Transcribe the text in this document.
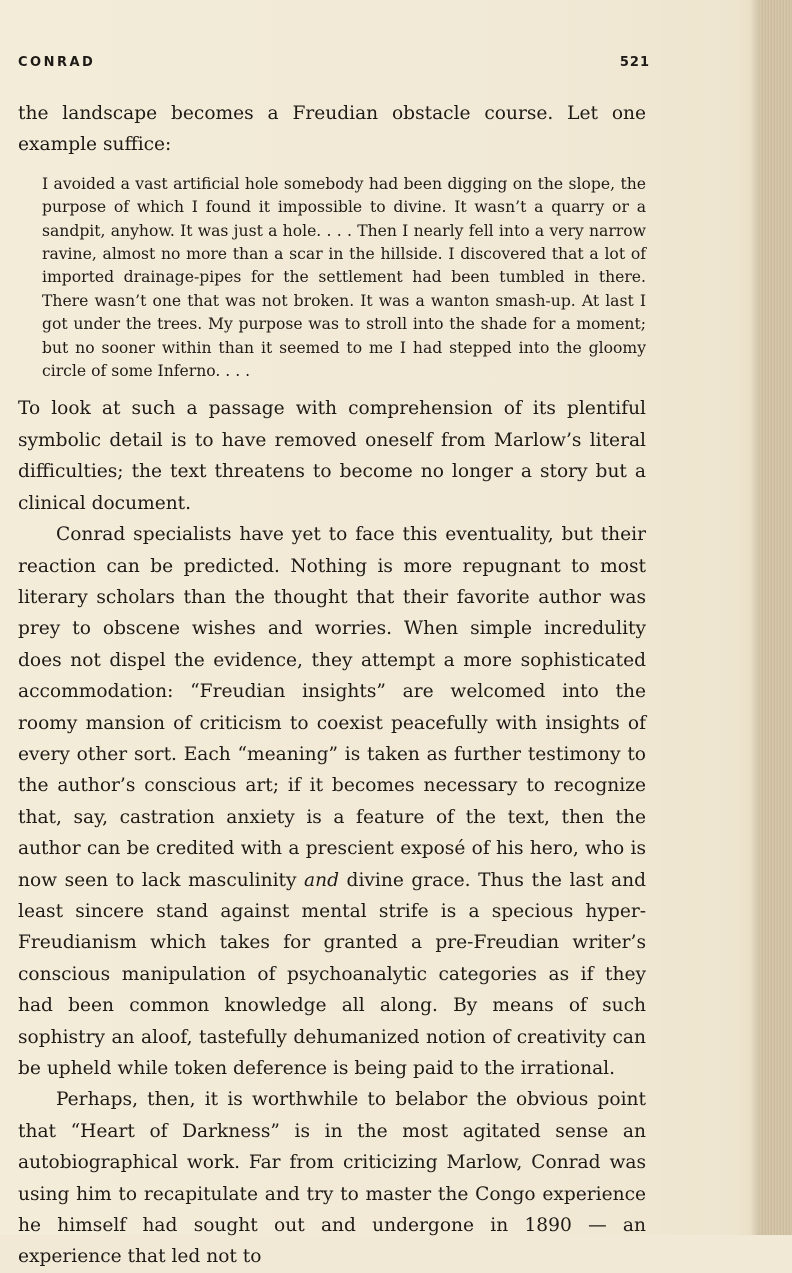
CONRAD	521

the landscape becomes a Freudian obstacle course. Let one example suffice:

I avoided a vast artificial hole somebody had been digging on the slope, the purpose of which I found it impossible to divine. It wasn’t a quarry or a sandpit, anyhow. It was just a hole. . . . Then I nearly fell into a very narrow ravine, almost no more than a scar in the hillside. I discovered that a lot of imported drainage-pipes for the settlement had been tumbled in there. There wasn’t one that was not broken. It was a wanton smash-up. At last I got under the trees. My purpose was to stroll into the shade for a moment; but no sooner within than it seemed to me I had stepped into the gloomy circle of some Inferno. . . .

To look at such a passage with comprehension of its plentiful symbolic detail is to have removed oneself from Marlow’s literal difficulties; the text threatens to become no longer a story but a clinical document.

Conrad specialists have yet to face this eventuality, but their reaction can be predicted. Nothing is more repugnant to most literary scholars than the thought that their favorite author was prey to obscene wishes and worries. When simple incredulity does not dispel the evidence, they attempt a more sophisticated accommodation: “Freudian insights” are welcomed into the roomy mansion of criticism to coexist peacefully with insights of every other sort. Each “meaning” is taken as further testimony to the author’s conscious art; if it becomes necessary to recognize that, say, castration anxiety is a feature of the text, then the author can be credited with a prescient exposé of his hero, who is now seen to lack masculinity and divine grace. Thus the last and least sincere stand against mental strife is a specious hyper-Freudianism which takes for granted a pre-Freudian writer’s conscious manipulation of psychoanalytic categories as if they had been common knowledge all along. By means of such sophistry an aloof, tastefully dehumanized notion of creativity can be upheld while token deference is being paid to the irrational.

Perhaps, then, it is worthwhile to belabor the obvious point that “Heart of Darkness” is in the most agitated sense an autobiographical work. Far from criticizing Marlow, Conrad was using him to recapitulate and try to master the Congo experience he himself had sought out and undergone in 1890 — an experience that led not to
